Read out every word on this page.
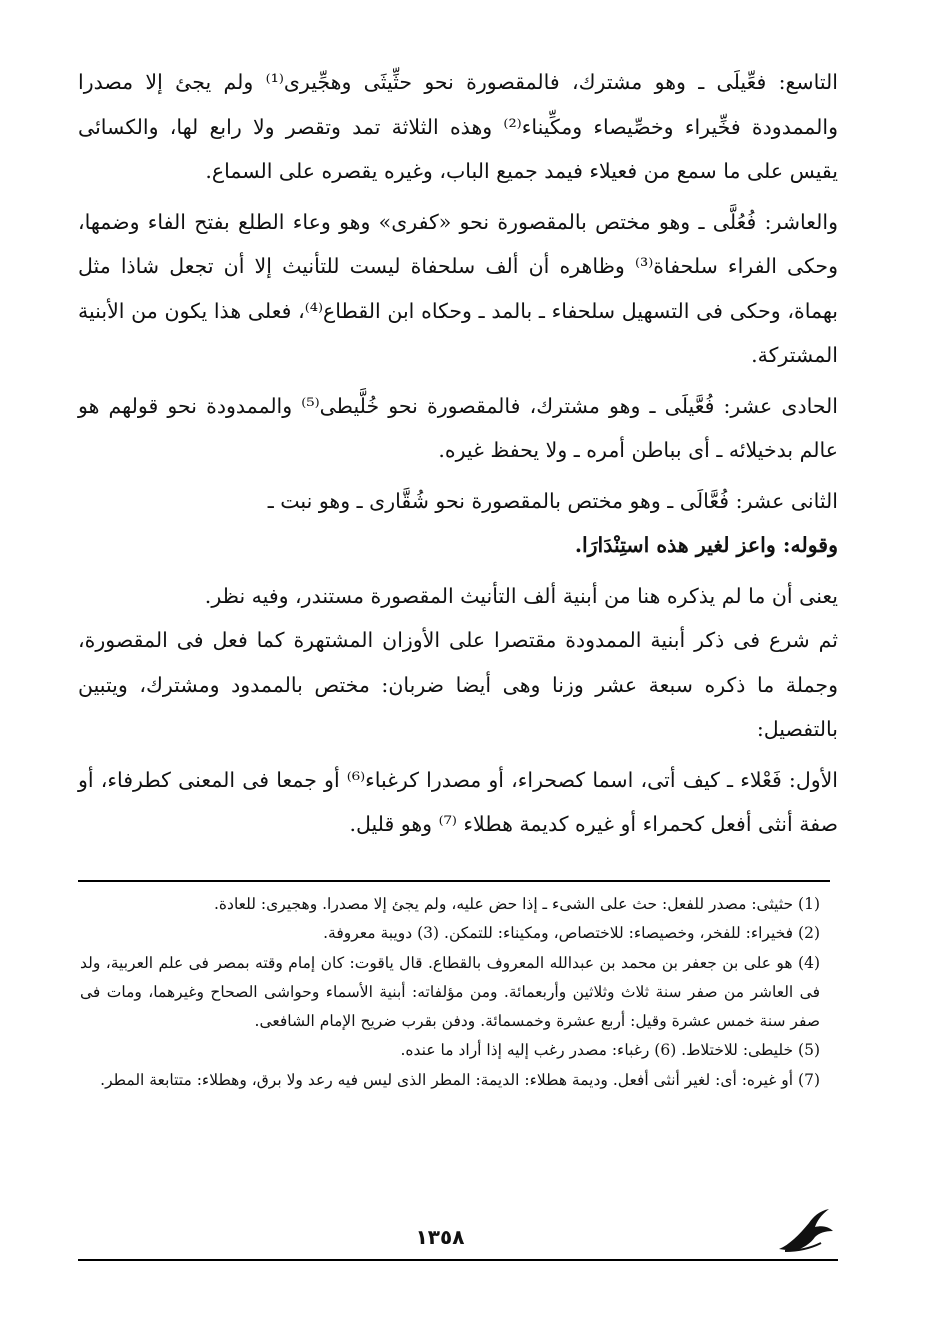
التاسع: فعِّيلَى ـ وهو مشترك، فالمقصورة نحو حثِّيثَى وهجِّيرى⁽¹⁾ ولم يجئ إلا مصدرا والممدودة فخِّيراء وخصِّيصاء ومكِّيناء⁽²⁾ وهذه الثلاثة تمد وتقصر ولا رابع لها، والكسائى يقيس على ما سمع من فعيلاء فيمد جميع الباب، وغيره يقصره على السماع.

والعاشر: فُعُلَّى ـ وهو مختص بالمقصورة نحو «كفرى» وهو وعاء الطلع بفتح الفاء وضمها، وحكى الفراء سلحفاة⁽³⁾ وظاهره أن ألف سلحفاة ليست للتأنيث إلا أن تجعل شاذا مثل بهماة، وحكى فى التسهيل سلحفاء ـ بالمد ـ وحكاه ابن القطاع⁽⁴⁾، فعلى هذا يكون من الأبنية المشتركة.

الحادى عشر: فُعَّيلَى ـ وهو مشترك، فالمقصورة نحو خُلَّيطى⁽⁵⁾ والممدودة نحو قولهم هو عالم بدخيلائه ـ أى بباطن أمره ـ ولا يحفظ غيره.

الثانى عشر: فُعَّالَى ـ وهو مختص بالمقصورة نحو شُقَّارى ـ وهو نبت ـ

وقوله: واعز لغير هذه استِنْدَارَا.

يعنى أن ما لم يذكره هنا من أبنية ألف التأنيث المقصورة مستندر، وفيه نظر.

ثم شرع فى ذكر أبنية الممدودة مقتصرا على الأوزان المشتهرة كما فعل فى المقصورة، وجملة ما ذكره سبعة عشر وزنا وهى أيضا ضربان: مختص بالممدود ومشترك، ويتبين بالتفصيل:

الأول: فَعْلاء ـ كيف أتى، اسما كصحراء، أو مصدرا كرغباء⁽⁶⁾ أو جمعا فى المعنى كطرفاء، أو صفة أنثى أفعل كحمراء أو غيره كديمة هطلاء ⁽⁷⁾ وهو قليل.

(1) حثيثى: مصدر للفعل: حث على الشىء ـ إذا حض عليه، ولم يجئ إلا مصدرا. وهجيرى: للعادة.

(2) فخيراء: للفخر، وخصيصاء: للاختصاص، ومكيناء: للتمكن. (3) دويبة معروفة.

(4) هو على بن جعفر بن محمد بن عبدالله المعروف بالقطاع. قال ياقوت: كان إمام وقته بمصر فى علم العربية، ولد فى العاشر من صفر سنة ثلاث وثلاثين وأربعمائة. ومن مؤلفاته: أبنية الأسماء وحواشى الصحاح وغيرهما، ومات فى صفر سنة خمس عشرة وقيل: أربع عشرة وخمسمائة. ودفن بقرب ضريح الإمام الشافعى.

(5) خليطى: للاختلاط. (6) رغباء: مصدر رغب إليه إذا أراد ما عنده.

(7) أو غيره: أى: لغير أنثى أفعل. وديمة هطلاء: الديمة: المطر الذى ليس فيه رعد ولا برق، وهطلاء: متتابعة المطر.

١٣٥٨
